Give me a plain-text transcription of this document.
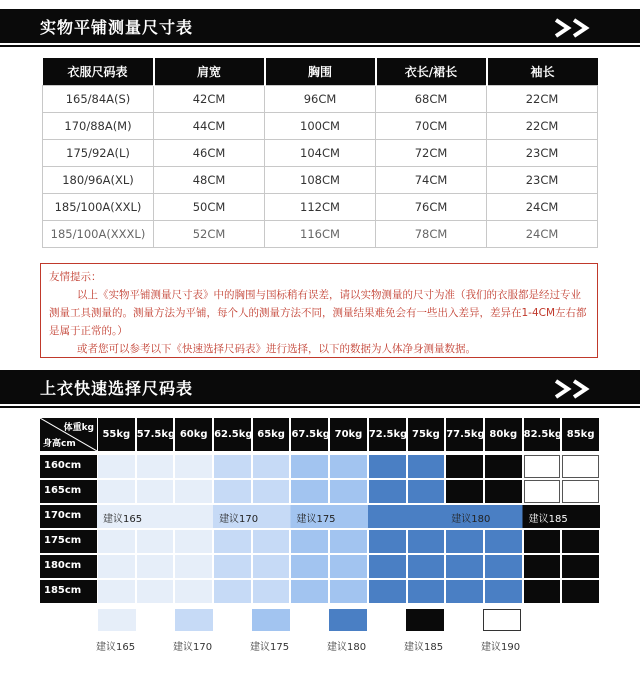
实物平铺测量尺寸表
衣服尺码表	肩宽	胸围	衣长/裙长	袖长
165/84A(S)	42CM	96CM	68CM	22CM
170/88A(M)	44CM	100CM	70CM	22CM
175/92A(L)	46CM	104CM	72CM	23CM
180/96A(XL)	48CM	108CM	74CM	23CM
185/100A(XXL)	50CM	112CM	76CM	24CM
185/100A(XXXL)	52CM	116CM	78CM	24CM

友情提示：

以上《实物平铺测量尺寸表》中的胸围与国标稍有误差，请以实物测量的尺寸为准（我们的衣服都是经过专业测量工具测量的。测量方法为平铺，每个人的测量方法不同，测量结果难免会有一些出入差异，差异在1-4CM左右都是属于正常的。）

或者您可以参考以下《快速选择尺码表》进行选择，以下的数据为人体净身测量数据。

上衣快速选择尺码表
体重kg
身高cm
55kg 57.5kg 60kg 62.5kg 65kg 67.5kg 70kg 72.5kg 75kg 77.5kg 80kg 82.5kg 85kg
160cm
165cm
170cm	建议165	建议170	建议175	建议180	建议185
175cm
180cm
185cm
建议165	建议170	建议175	建议180	建议185	建议190
